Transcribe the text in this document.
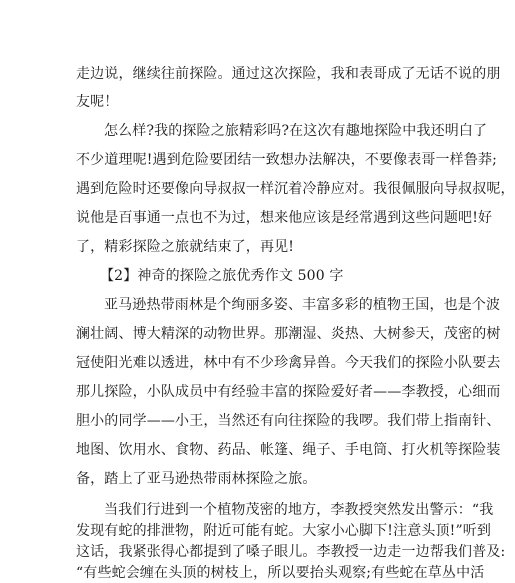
走边说，继续往前探险。通过这次探险，我和表哥成了无话不说的朋
友呢！
怎么样?我的探险之旅精彩吗?在这次有趣地探险中我还明白了
不少道理呢!遇到危险要团结一致想办法解决，不要像表哥一样鲁莽;
遇到危险时还要像向导叔叔一样沉着冷静应对。我很佩服向导叔叔呢，
说他是百事通一点也不为过，想来他应该是经常遇到这些问题吧!好
了，精彩探险之旅就结束了，再见!
【2】神奇的探险之旅优秀作文 500 字
亚马逊热带雨林是个绚丽多姿、丰富多彩的植物王国，也是个波
澜壮阔、博大精深的动物世界。那潮湿、炎热、大树参天，茂密的树
冠使阳光难以透进，林中有不少珍禽异兽。今天我们的探险小队要去
那儿探险，小队成员中有经验丰富的探险爱好者——李教授，心细而
胆小的同学——小王，当然还有向往探险的我啰。我们带上指南针、
地图、饮用水、食物、药品、帐篷、绳子、手电筒、打火机等探险装
备，踏上了亚马逊热带雨林探险之旅。
当我们行进到一个植物茂密的地方，李教授突然发出警示：“我
发现有蛇的排泄物，附近可能有蛇。大家小心脚下!注意头顶!”听到
这话，我紧张得心都提到了嗓子眼儿。李教授一边走一边帮我们普及:
“有些蛇会缠在头顶的树枝上，所以要抬头观察;有些蛇在草丛中活
